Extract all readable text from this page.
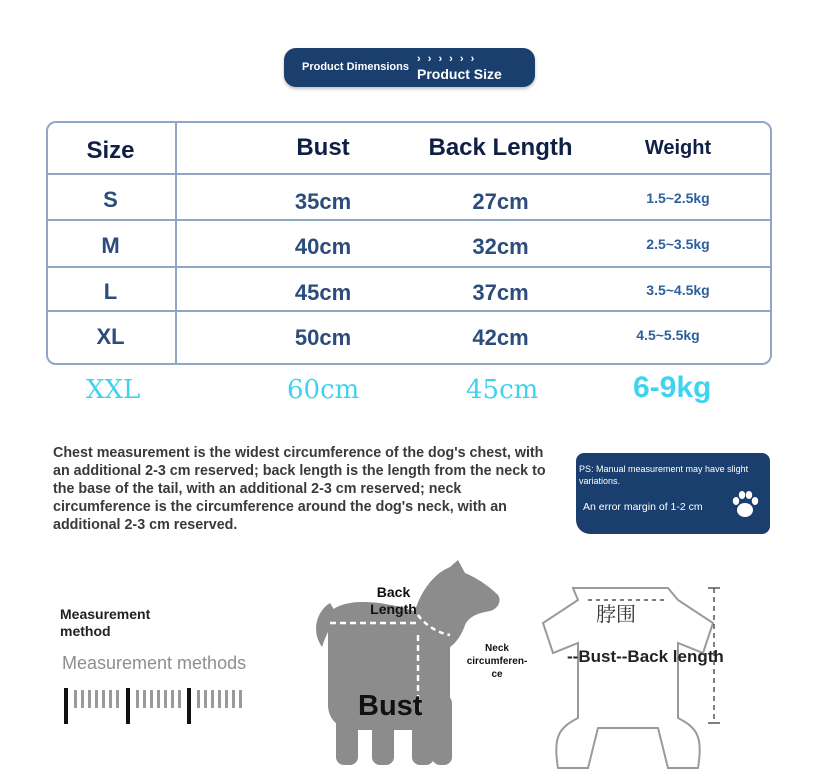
Product Dimensions
› › › › › ›
Product Size
Size	Bust	Back Length	Weight
S	35cm	27cm	1.5~2.5kg
M	40cm	32cm	2.5~3.5kg
L	45cm	37cm	3.5~4.5kg
XL	50cm	42cm	4.5~5.5kg
XXL	60cm	45cm	6-9kg
Chest measurement is the widest circumference of the dog's chest, with an additional 2-3 cm reserved; back length is the length from the neck to the base of the tail, with an additional 2-3 cm reserved; neck circumference is the circumference around the dog's neck, with an additional 2-3 cm reserved.
PS: Manual measurement may have slight variations.
An error margin of 1-2 cm
Measurement method
Measurement methods
Back Length
Neck circumferen-ce
Bust
脖围
--Bust--Back length
